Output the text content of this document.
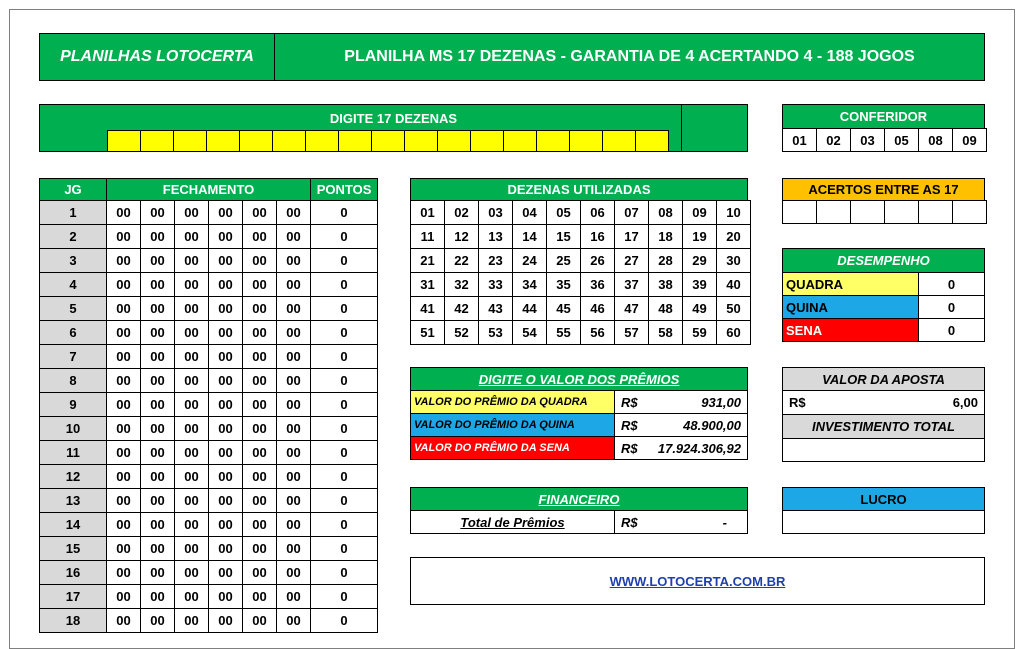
PLANILHAS LOTOCERTA	PLANILHA MS 17 DEZENAS - GARANTIA DE 4 ACERTANDO 4 - 188 JOGOS
DIGITE 17 DEZENAS	CONFERIDOR
01	02	03	05	08	09
JG	FECHAMENTO						PONTOS
1	00	00	00	00	00	00	0
2	00	00	00	00	00	00	0
3	00	00	00	00	00	00	0
4	00	00	00	00	00	00	0
5	00	00	00	00	00	00	0
6	00	00	00	00	00	00	0
7	00	00	00	00	00	00	0
8	00	00	00	00	00	00	0
9	00	00	00	00	00	00	0
10	00	00	00	00	00	00	0
11	00	00	00	00	00	00	0
12	00	00	00	00	00	00	0
13	00	00	00	00	00	00	0
14	00	00	00	00	00	00	0
15	00	00	00	00	00	00	0
16	00	00	00	00	00	00	0
17	00	00	00	00	00	00	0
18	00	00	00	00	00	00	0
DEZENAS UTILIZADAS
01	02	03	04	05	06	07	08	09	10
11	12	13	14	15	16	17	18	19	20
21	22	23	24	25	26	27	28	29	30
31	32	33	34	35	36	37	38	39	40
41	42	43	44	45	46	47	48	49	50
51	52	53	54	55	56	57	58	59	60
DIGITE O VALOR DOS PRÊMIOS
VALOR DO PRÊMIO DA QUADRA	R$	931,00
VALOR DO PRÊMIO DA QUINA	R$	48.900,00
VALOR DO PRÊMIO DA SENA	R$ 17.924.306,92
FINANCEIRO
Total de Prêmios	R$	-
WWW.LOTOCERTA.COM.BR
ACERTOS ENTRE AS 17
DESEMPENHO
QUADRA	0
QUINA	0
SENA	0
VALOR DA APOSTA
R$	6,00
INVESTIMENTO TOTAL
LUCRO
